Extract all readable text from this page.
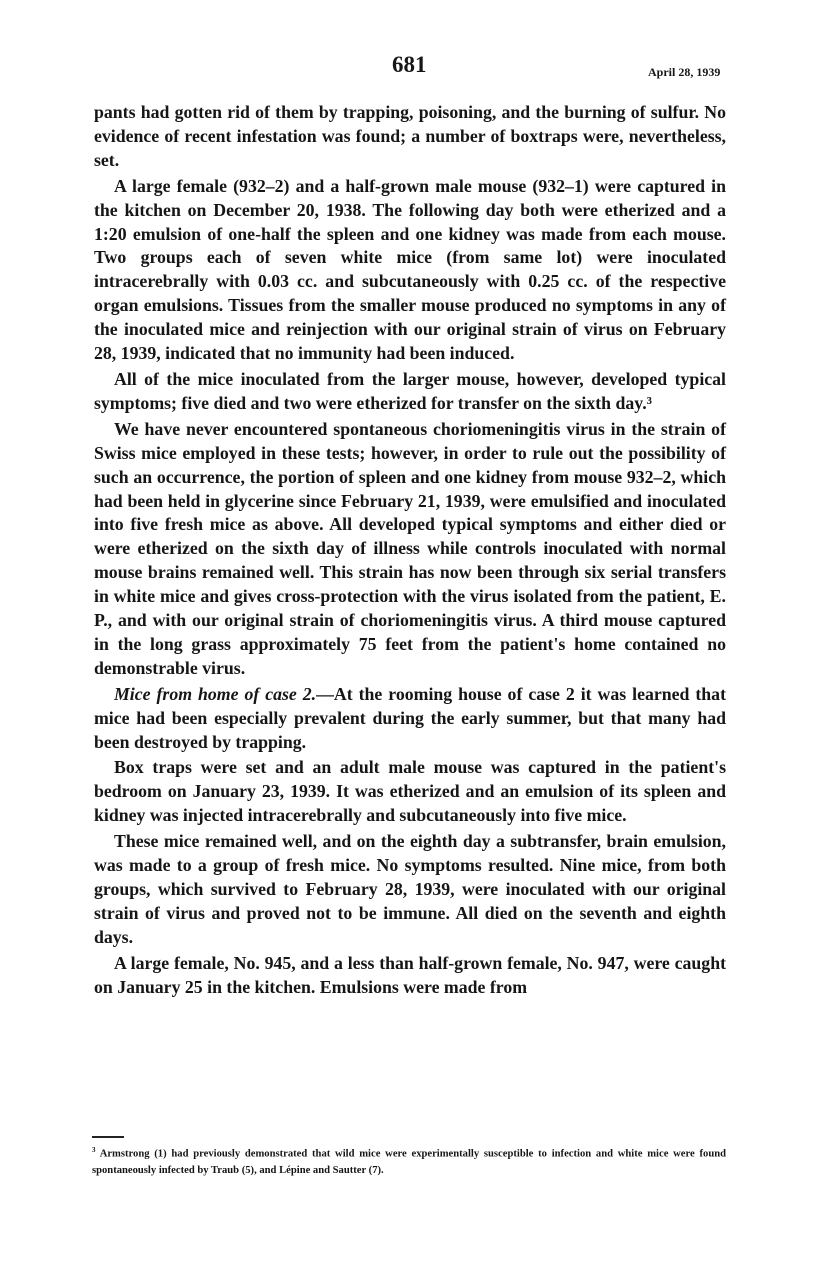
681	April 28, 1939

pants had gotten rid of them by trapping, poisoning, and the burning of sulfur. No evidence of recent infestation was found; a number of boxtraps were, nevertheless, set.

A large female (932–2) and a half-grown male mouse (932–1) were captured in the kitchen on December 20, 1938. The following day both were etherized and a 1:20 emulsion of one-half the spleen and one kidney was made from each mouse. Two groups each of seven white mice (from same lot) were inoculated intracerebrally with 0.03 cc. and subcutaneously with 0.25 cc. of the respective organ emulsions. Tissues from the smaller mouse produced no symptoms in any of the inoculated mice and reinjection with our original strain of virus on February 28, 1939, indicated that no immunity had been induced.

All of the mice inoculated from the larger mouse, however, developed typical symptoms; five died and two were etherized for transfer on the sixth day.³

We have never encountered spontaneous choriomeningitis virus in the strain of Swiss mice employed in these tests; however, in order to rule out the possibility of such an occurrence, the portion of spleen and one kidney from mouse 932–2, which had been held in glycerine since February 21, 1939, were emulsified and inoculated into five fresh mice as above. All developed typical symptoms and either died or were etherized on the sixth day of illness while controls inoculated with normal mouse brains remained well. This strain has now been through six serial transfers in white mice and gives cross-protection with the virus isolated from the patient, E. P., and with our original strain of choriomeningitis virus. A third mouse captured in the long grass approximately 75 feet from the patient's home contained no demonstrable virus.

Mice from home of case 2.—At the rooming house of case 2 it was learned that mice had been especially prevalent during the early summer, but that many had been destroyed by trapping.

Box traps were set and an adult male mouse was captured in the patient's bedroom on January 23, 1939. It was etherized and an emulsion of its spleen and kidney was injected intracerebrally and subcutaneously into five mice.

These mice remained well, and on the eighth day a subtransfer, brain emulsion, was made to a group of fresh mice. No symptoms resulted. Nine mice, from both groups, which survived to February 28, 1939, were inoculated with our original strain of virus and proved not to be immune. All died on the seventh and eighth days.

A large female, No. 945, and a less than half-grown female, No. 947, were caught on January 25 in the kitchen. Emulsions were made from

$^3$ Armstrong (1) had previously demonstrated that wild mice were experimentally susceptible to infection and white mice were found spontaneously infected by Traub (5), and Lépine and Sautter (7).
